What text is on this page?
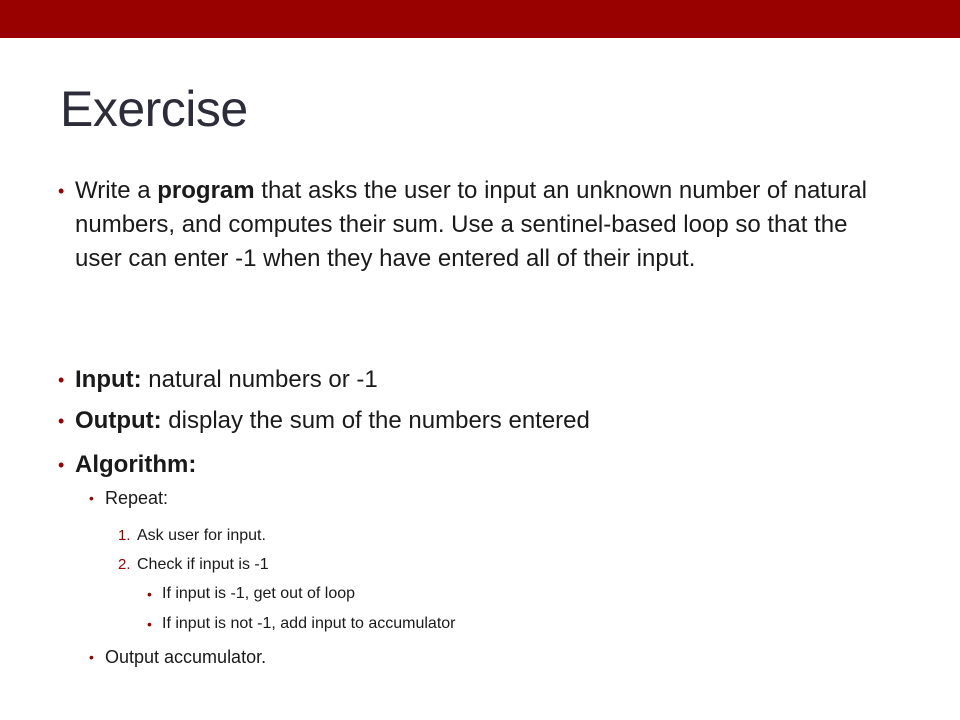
Exercise
• Write a program that asks the user to input an unknown number of natural numbers, and computes their sum. Use a sentinel-based loop so that the user can enter -1 when they have entered all of their input.
• Input: natural numbers or -1
• Output: display the sum of the numbers entered
• Algorithm:
• Repeat:
1. Ask user for input.
2. Check if input is -1
• If input is -1, get out of loop
• If input is not -1, add input to accumulator
• Output accumulator.
